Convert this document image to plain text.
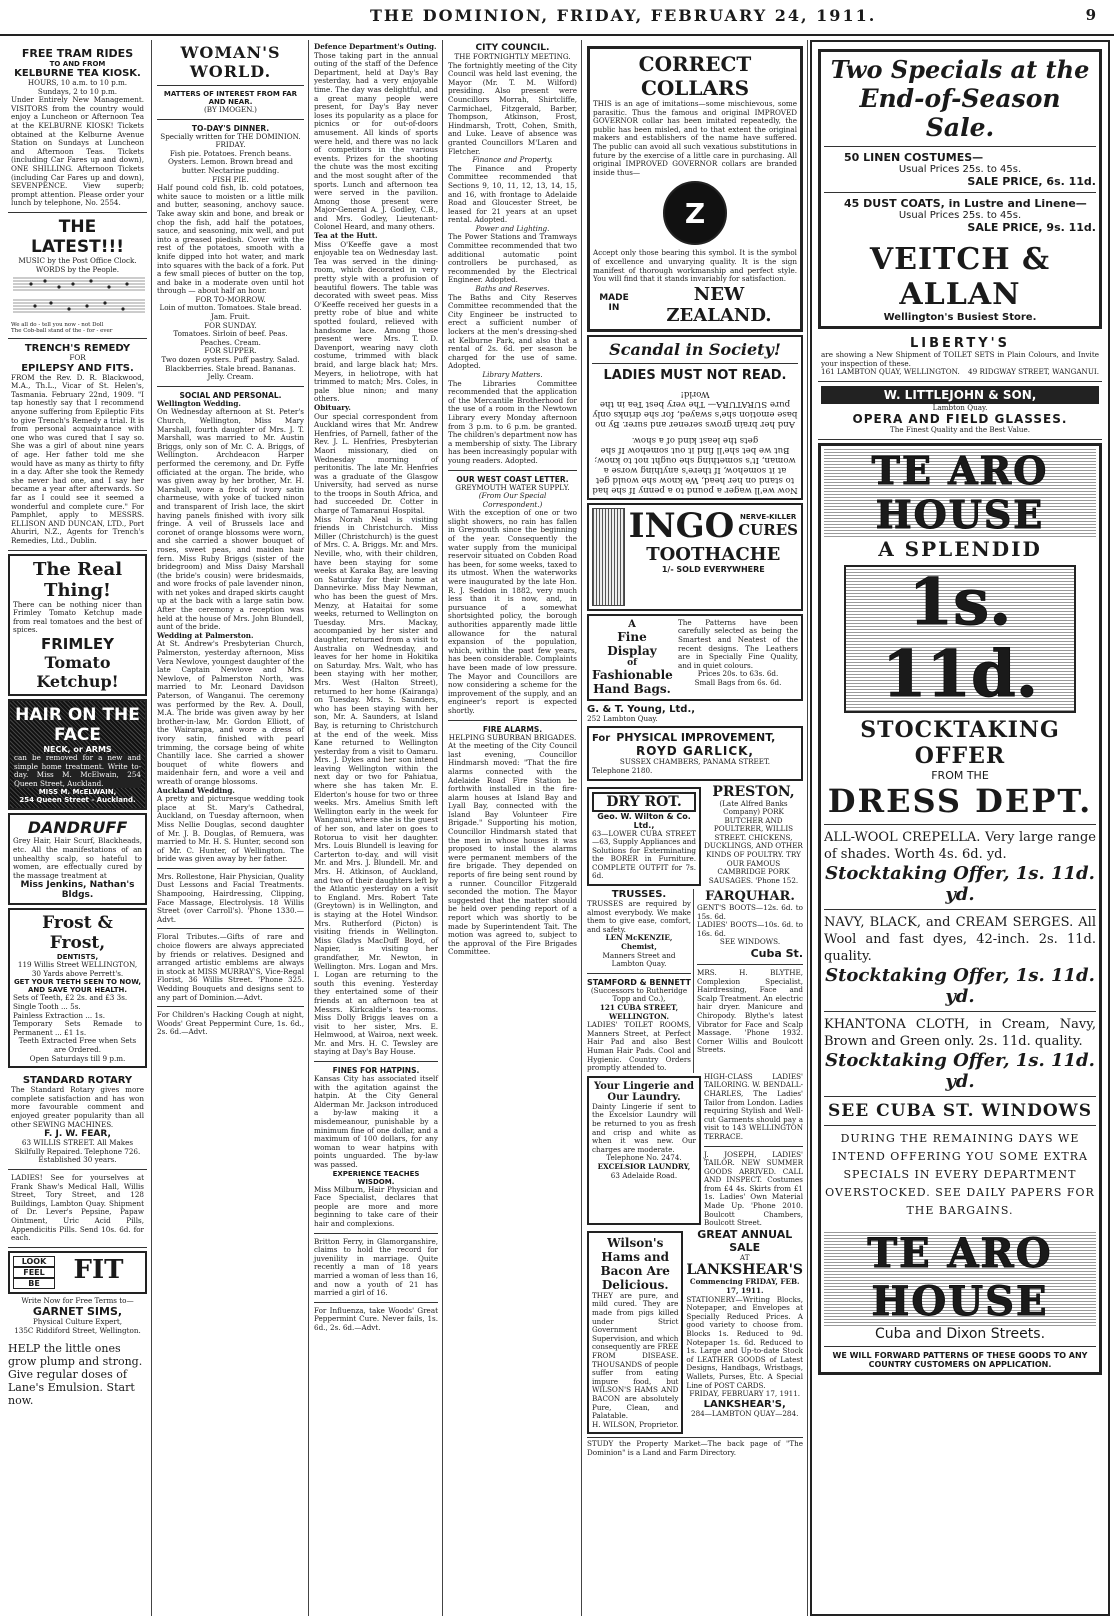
THE DOMINION, FRIDAY, FEBRUARY 24, 1911.	9
FREE TRAM RIDES
TO AND FROM
KELBURNE TEA KIOSK.
HOURS, 10 a.m. to 10 p.m. Sundays, 2 to 10 p.m.
Under Entirely New Management. VISITORS from the country would enjoy a Luncheon or Afternoon Tea at the KELBURNE KIOSK! Tickets obtained at the Kelburne Avenue Station on Sundays at Luncheon and Afternoon Teas. Tickets (including Car Fares up and down), ONE SHILLING. Afternoon Tickets (including Car Fares up and down), SEVENPENCE. View superb; prompt attention. Please order your lunch by telephone, No. 2554.
THE LATEST!!!
MUSIC by the Post Office Clock.
WORDS by the People.
We all do - tell you now - not Doll
The Cob-ball stand of the - for - ever
TRENCH'S REMEDY
FOR
EPILEPSY AND FITS.
FROM the Rev. D. R. Blackwood, M.A., Th.L., Vicar of St. Helen's, Tasmania. February 22nd, 1909. "I tap honestly say that I recommend anyone suffering from Epileptic Fits to give Trench's Remedy a trial. It is from personal acquaintance with one who was cured that I say so. She was a girl of about nine years of age. Her father told me she would have as many as thirty to fifty in a day. After she took the Remedy she never had one, and I say her became a year after afterwards. So far as I could see it seemed a wonderful and complete cure." For Pamphlet, apply to MESSRS. ELLISON AND DUNCAN, LTD., Port Ahuriri, N.Z., Agents for Trench's Remedies, Ltd., Dublin.
The Real Thing!
There can be nothing nicer than Frimley Tomato Ketchup made from real tomatoes and the best of spices.
FRIMLEY
Tomato Ketchup!
HAIR ON THE FACE
NECK, or ARMS
can be removed for a new and simple home treatment. Write to-day. Miss M. McElwain, 254 Queen Street, Auckland.
MISS M. McELWAIN,
254 Queen Street - Auckland.
DANDRUFF
Grey Hair, Hair Scurf, Blackheads, etc. All the manifestations of an unhealthy scalp, so hateful to women, are effectually cured by the massage treatment at
Miss Jenkins, Nathan's Bldgs.
Frost & Frost,
DENTISTS,
119 Willis Street WELLINGTON, 30 Yards above Perrett's.
GET YOUR TEETH SEEN TO NOW, AND SAVE YOUR HEALTH.
Sets of Teeth, £2 2s. and £3 3s.
Single Tooth ... 5s.
Painless Extraction ... 1s.
Temporary Sets Remade to Permanent ... £1 1s.
Teeth Extracted Free when Sets are Ordered.
Open Saturdays till 9 p.m.
STANDARD ROTARY
The Standard Rotary gives more complete satisfaction and has won more favourable comment and enjoyed greater popularity than all other SEWING MACHINES.
F. J. W. FEAR,
63 WILLIS STREET. All Makes Skilfully Repaired. Telephone 726. Established 30 years.
LADIES! See for yourselves at Frank Shaw's Medical Hall, Willis Street, Tory Street, and 128 Buildings, Lambton Quay. Shipment of Dr. Lever's Pepsine, Papaw Ointment, Uric Acid Pills, Appendicitis Pills. Send 10s. 6d. for each.
LOOK
FEEL
BE	FIT
Write Now for Free Terms to—
GARNET SIMS,
Physical Culture Expert,
135C Riddiford Street, Wellington.
HELP the little ones grow plump and strong. Give regular doses of Lane's Emulsion. Start now.
WOMAN'S WORLD.
MATTERS OF INTEREST FROM FAR AND NEAR.
(BY IMOGEN.)
TO-DAY'S DINNER.
Specially written for THE DOMINION.
FRIDAY.
Fish pie. Potatoes. French beans. Oysters. Lemon. Brown bread and butter. Nectarine pudding.
FISH PIE.
Half pound cold fish, lb. cold potatoes, white sauce to moisten or a little milk and butter, seasoning, anchovy sauce. Take away skin and bone, and break or chop the fish, add half the potatoes, sauce, and seasoning, mix well, and put into a greased piedish. Cover with the rest of the potatoes, smooth with a knife dipped into hot water, and mark into squares with the back of a fork. Put a few small pieces of butter on the top, and bake in a moderate oven until hot through — about half an hour.
FOR TO-MORROW.
Loin of mutton. Tomatoes. Stale bread. Jam. Fruit.
FOR SUNDAY.
Tomatoes. Sirloin of beef. Peas. Peaches. Cream.
FOR SUPPER.
Two dozen oysters. Puff pastry. Salad. Blackberries. Stale bread. Bananas. Jelly. Cream.
SOCIAL AND PERSONAL.
Wellington Wedding.
On Wednesday afternoon at St. Peter's Church, Wellington, Miss Mary Marshall, fourth daughter of Mrs. J. T. Marshall, was married to Mr. Austin Briggs, only son of Mr. C. A. Briggs, of Wellington. Archdeacon Harper performed the ceremony, and Dr. Fyffe officiated at the organ. The bride, who was given away by her brother, Mr. H. Marshall, wore a frock of ivory satin charmeuse, with yoke of tucked ninon and transparent of Irish lace, the skirt having panels finished with ivory silk fringe. A veil of Brussels lace and coronet of orange blossoms were worn, and she carried a shower bouquet of roses, sweet peas, and maiden hair fern. Miss Ruby Briggs (sister of the bridegroom) and Miss Daisy Marshall (the bride's cousin) were bridesmaids, and wore frocks of pale lavender ninon, with net yokes and draped skirts caught up at the back with a large satin bow. After the ceremony a reception was held at the house of Mrs. John Blundell, aunt of the bride.
Wedding at Palmerston.
At St. Andrew's Presbyterian Church, Palmerston, yesterday afternoon, Miss Vera Newlove, youngest daughter of the late Captain Newlove and Mrs. Newlove, of Palmerston North, was married to Mr. Leonard Davidson Paterson, of Wanganui. The ceremony was performed by the Rev. A. Doull, M.A. The bride was given away by her brother-in-law, Mr. Gordon Elliott, of the Wairarapa, and wore a dress of ivory satin, finished with pearl trimming, the corsage being of white Chantilly lace. She carried a shower bouquet of white flowers and maidenhair fern, and wore a veil and wreath of orange blossoms.
Auckland Wedding.
A pretty and picturesque wedding took place at St. Mary's Cathedral, Auckland, on Tuesday afternoon, when Miss Nellie Douglas, second daughter of Mr. J. B. Douglas, of Remuera, was married to Mr. H. S. Hunter, second son of Mr. C. Hunter, of Wellington. The bride was given away by her father.
Mrs. Rollestone, Hair Physician, Quality Dust Lessons and Facial Treatments. Shampooing, Hairdressing, Clipping, Face Massage, Electrolysis. 18 Willis Street (over Carroll's). 'Phone 1330.—Advt.
Floral Tributes.—Gifts of rare and choice flowers are always appreciated by friends or relatives. Designed and arranged artistic emblems are always in stock at MISS MURRAY'S, Vice-Regal Florist, 36 Willis Street. 'Phone 325. Wedding Bouquets and designs sent to any part of Dominion.—Advt.
For Children's Hacking Cough at night, Woods' Great Peppermint Cure, 1s. 6d., 2s. 6d.—Advt.
Defence Department's Outing.
Those taking part in the annual outing of the staff of the Defence Department, held at Day's Bay yesterday, had a very enjoyable time. The day was delightful, and a great many people were present, for Day's Bay never loses its popularity as a place for picnics or for out-of-doors amusement. All kinds of sports were held, and there was no lack of competitors in the various events. Prizes for the shooting the chute was the most exciting and the most sought after of the sports. Lunch and afternoon tea were served in the pavilion. Among those present were Major-General A. J. Godley, C.B., and Mrs. Godley, Lieutenant-Colonel Heard, and many others.
Tea at the Hutt.
Miss O'Keeffe gave a most enjoyable tea on Wednesday last. Tea was served in the dining-room, which decorated in very pretty style with a profusion of beautiful flowers. The table was decorated with sweet peas. Miss O'Keeffe received her guests in a pretty robe of blue and white spotted foulard, relieved with handsome lace. Among those present were Mrs. T. D. Davenport, wearing navy cloth costume, trimmed with black braid, and large black hat; Mrs. Meyers, in heliotrope, with hat trimmed to match; Mrs. Coles, in pale blue ninon; and many others.
Obituary.
Our special correspondent from Auckland wires that Mr. Andrew Henfries, of Parnell, father of the Rev. J. L. Henfries, Presbyterian Maori missionary, died on Wednesday morning of peritonitis. The late Mr. Henfries was a graduate of the Glasgow University, had served as nurse to the troops in South Africa, and had succeeded Dr. Cotter in charge of Tamaranui Hospital.
Miss Norah Neal is visiting friends in Christchurch. Miss Miller (Christchurch) is the guest of Mrs. C. A. Briggs. Mr. and Mrs. Neville, who, with their children, have been staying for some weeks at Karaka Bay, are leaving on Saturday for their home at Dannevirke. Miss May Newman, who has been the guest of Mrs. Menzy, at Hataitai for some weeks, returned to Wellington on Tuesday. Mrs. Mackay, accompanied by her sister and daughter, returned from a visit to Australia on Wednesday, and leaves for her home in Hokitika on Saturday. Mrs. Walt, who has been staying with her mother, Mrs. West (Halton Street), returned to her home (Kairanga) on Tuesday. Mrs. S. Saunders, who has been staying with her son, Mr. A. Saunders, at Island Bay, is returning to Christchurch at the end of the week. Miss Kane returned to Wellington yesterday from a visit to Oamaru. Mrs. J. Dykes and her son intend leaving Wellington within the next day or two for Pahiatua, where she has taken Mr. E. Elderton's house for two or three weeks. Mrs. Amelius Smith left Wellington early in the week for Wanganui, where she is the guest of her son, and later on goes to Rotorua to visit her daughter. Mrs. Louis Blundell is leaving for Carterton to-day, and will visit Mr. and Mrs. J. Blundell. Mr. and Mrs. H. Atkinson, of Auckland, and two of their daughters left by the Atlantic yesterday on a visit to England. Mrs. Robert Tate (Greytown) is in Wellington, and is staying at the Hotel Windsor. Mrs. Rutherford (Picton) is visiting friends in Wellington. Miss Gladys MacDuff Boyd, of Napier, is visiting her grandfather, Mr. Newton, in Wellington. Mrs. Logan and Mrs. I. Logan are returning to the south this evening. Yesterday they entertained some of their friends at an afternoon tea at Messrs. Kirkcaldie's tea-rooms. Miss Dolly Briggs leaves on a visit to her sister, Mrs. E. Helmwood, at Wairoa, next week. Mr. and Mrs. H. C. Tewsley are staying at Day's Bay House.
FINES FOR HATPINS.
Kansas City has associated itself with the agitation against the hatpin. At the City General Alderman Mr. Jackson introduced a by-law making it a misdemeanour, punishable by a minimum fine of one dollar, and a maximum of 100 dollars, for any woman to wear hatpins with points unguarded. The by-law was passed.
EXPERIENCE TEACHES WISDOM.
Miss Milburn, Hair Physician and Face Specialist, declares that people are more and more beginning to take care of their hair and complexions.
Britton Ferry, in Glamorganshire, claims to hold the record for juvenility in marriage. Quite recently a man of 18 years married a woman of less than 16, and now a youth of 21 has married a girl of 16.
For Influenza, take Woods' Great Peppermint Cure. Never fails, 1s. 6d., 2s. 6d.—Advt.
CITY COUNCIL.
THE FORTNIGHTLY MEETING.
The fortnightly meeting of the City Council was held last evening, the Mayor (Mr. T. M. Wilford) presiding. Also present were Councillors Morrah, Shirtcliffe, Carmichael, Fitzgerald, Barber, Thompson, Atkinson, Frost, Hindmarsh, Trott, Cohen, Smith, and Luke. Leave of absence was granted Councillors M'Laren and Fletcher.
Finance and Property.
The Finance and Property Committee recommended that Sections 9, 10, 11, 12, 13, 14, 15, and 16, with frontage to Adelaide Road and Gloucester Street, be leased for 21 years at an upset rental. Adopted.
Power and Lighting.
The Power Stations and Tramways Committee recommended that two additional automatic point controllers be purchased, as recommended by the Electrical Engineer. Adopted.
Baths and Reserves.
The Baths and City Reserves Committee recommended that the City Engineer be instructed to erect a sufficient number of lockers at the men's dressing-shed at Kelburne Park, and also that a rental of 2s. 6d. per season be charged for the use of same. Adopted.
Library Matters.
The Libraries Committee recommended that the application of the Mercantile Brotherhood for the use of a room in the Newtown Library every Monday afternoon from 3 p.m. to 6 p.m. be granted. The children's department now has a membership of sixty. The Library has been increasingly popular with young readers. Adopted.
OUR WEST COAST LETTER.
GREYMOUTH WATER SUPPLY.
(From Our Special Correspondent.)
With the exception of one or two slight showers, no rain has fallen in Greymouth since the beginning of the year. Consequently the water supply from the municipal reservoir situated on Cobden Road has been, for some weeks, taxed to its utmost. When the waterworks were inaugurated by the late Hon. R. J. Seddon in 1882, very much less than it is now, and, in pursuance of a somewhat shortsighted policy, the borough authorities apparently made little allowance for the natural expansion of the population, which, within the past few years, has been considerable. Complaints have been made of low pressure. The Mayor and Councillors are now considering a scheme for the improvement of the supply, and an engineer's report is expected shortly.
FIRE ALARMS.
HELPING SUBURBAN BRIGADES.
At the meeting of the City Council last evening, Councillor Hindmarsh moved: "That the fire alarms connected with the Adelaide Road Fire Station be forthwith installed in the fire-alarm houses at Island Bay and Lyall Bay, connected with the Island Bay Volunteer Fire Brigade." Supporting his motion, Councillor Hindmarsh stated that the men in whose houses it was proposed to install the alarms were permanent members of the fire brigade. They depended on reports of fire being sent round by a runner. Councillor Fitzgerald seconded the motion. The Mayor suggested that the matter should be held over pending report of a report which was shortly to be made by Superintendent Tait. The motion was agreed to, subject to the approval of the Fire Brigades Committee.
CORRECT COLLARS
THIS is an age of imitations—some mischievous, some parasitic. Thus the famous and original IMPROVED GOVERNOR collar has been imitated repeatedly, the public has been misled, and to that extent the original makers and establishers of the name have suffered. The public can avoid all such vexatious substitutions in future by the exercise of a little care in purchasing. All original IMPROVED GOVERNOR collars are branded inside thus—
Z
Accept only those bearing this symbol. It is the symbol of excellence and unvarying quality. It is the sign manifest of thorough workmanship and perfect style. You will find that it stands invariably for satisfaction.
MADE IN
NEW ZEALAND.
Scandal in Society!
LADIES MUST NOT READ.
And her brain grows serener and surer. By no base emotion she's swayed, for she drinks only pure SURATURA— The very best Tea in the World!
Now we'll wager a pound to a penny If she had to stand on her head, We know she would get at it somehow, If there's anything worse a woman, It's something she ought not to know; But we bet she'll find it out somehow If she gets the least kind of a show.
INGO NERVE-KILLER
CURES
TOOTHACHE
1/- SOLD EVERYWHERE
A
Fine Display
of
Fashionable
Hand Bags.
The Patterns have been carefully selected as being the Smartest and Neatest of the recent designs. The Leathers are in Specially Fine Quality, and in quiet colours.
Prices 20s. to 63s. 6d.
Small Bags from 6s. 6d.
G. & T. Young, Ltd.,
252 Lambton Quay.
For PHYSICAL IMPROVEMENT,
ROYD GARLICK,
SUSSEX CHAMBERS, PANAMA STREET.
Telephone 2180.
DRY ROT.
Geo. W. Wilton & Co. Ltd.,
63—LOWER CUBA STREET—63, Supply Appliances and Solutions for Exterminating the BORER in Furniture. COMPLETE OUTFIT for 7s. 6d.
PRESTON,
(Late Alfred Banks Company) PORK BUTCHER AND POULTERER, WILLIS STREET. CHICKENS, DUCKLINGS, AND OTHER KINDS OF POULTRY. TRY OUR FAMOUS CAMBRIDGE PORK SAUSAGES. 'Phone 152.
TRUSSES.
TRUSSES are required by almost everybody. We make them to give ease, comfort, and safety.
LEN McKENZIE, Chemist,
Manners Street and Lambton Quay.
STAMFORD & BENNETT
(Successors to Rutheridge Topp and Co.),
121 CUBA STREET, WELLINGTON.
LADIES' TOILET ROOMS, Manners Street, at Perfect Hair Pad and also Best Human Hair Pads. Cool and Hygienic. Country Orders promptly attended to.
FARQUHAR.
GENT'S BOOTS—12s. 6d. to 15s. 6d.
LADIES' BOOTS—10s. 6d. to 16s. 6d.
SEE WINDOWS.
Cuba St.
MRS. H. BLYTHE, Complexion Specialist, Hairdressing, Face and Scalp Treatment. An electric hair dryer. Manicure and Chiropody. Blythe's latest Vibrator for Face and Scalp Massage. 'Phone 1932. Corner Willis and Boulcott Streets.
Your Lingerie and Our Laundry.
Dainty Lingerie if sent to the Excelsior Laundry will be returned to you as fresh and crisp and white as when it was new. Our charges are moderate.
Telephone No. 2474.
EXCELSIOR LAUNDRY,
63 Adelaide Road.
HIGH-CLASS LADIES' TAILORING. W. BENDALL-CHARLES, The Ladies' Tailor from London. Ladies requiring Stylish and Well-cut Garments should pay a visit to 143 WELLINGTON TERRACE.
J. JOSEPH, LADIES' TAILOR. NEW SUMMER GOODS ARRIVED. CALL AND INSPECT. Costumes from £4 4s. Skirts from £1 1s. Ladies' Own Material Made Up. 'Phone 2010. Boulcott Chambers, Boulcott Street.
Wilson's Hams and Bacon Are Delicious.
THEY are pure, and mild cured. They are made from pigs killed under Strict Government Supervision, and which consequently are FREE FROM DISEASE. THOUSANDS of people suffer from eating impure food, but WILSON'S HAMS AND BACON are absolutely Pure, Clean, and Palatable.
H. WILSON, Proprietor.
GREAT ANNUAL SALE
AT
LANKSHEAR'S
Commencing FRIDAY, FEB. 17, 1911.
STATIONERY—Writing Blocks, Notepaper, and Envelopes at Specially Reduced Prices. A good variety to choose from. Blocks 1s. Reduced to 9d. Notepaper 1s. 6d. Reduced to 1s. Large and Up-to-date Stock of LEATHER GOODS of Latest Designs, Handbags, Wristbags, Wallets, Purses, Etc. A Special Line of POST CARDS.
FRIDAY, FEBRUARY 17, 1911.
LANKSHEAR'S,
284—LAMBTON QUAY—284.
STUDY the Property Market—The back page of "The Dominion" is a Land and Farm Directory.
Two Specials at the
End-of-Season Sale.
50 LINEN COSTUMES—
Usual Prices 25s. to 45s.
SALE PRICE, 6s. 11d.
45 DUST COATS, in Lustre and Linene—
Usual Prices 25s. to 45s.
SALE PRICE, 9s. 11d.
VEITCH & ALLAN
Wellington's Busiest Store.
LIBERTY'S
are showing a New Shipment of TOILET SETS in Plain Colours, and Invite your inspection of these.
161 LAMBTON QUAY, WELLINGTON. 49 RIDGWAY STREET, WANGANUI.
W. LITTLEJOHN & SON,
Lambton Quay.
OPERA AND FIELD GLASSES.
The Finest Quality and the Best Value.
TE ARO HOUSE
A SPLENDID
1s. 11d.
STOCKTAKING OFFER
FROM THE
DRESS DEPT.
ALL-WOOL CREPELLA. Very large range of shades. Worth 4s. 6d. yd.
Stocktaking Offer, 1s. 11d. yd.
NAVY, BLACK, and CREAM SERGES. All Wool and fast dyes, 42-inch. 2s. 11d. quality.
Stocktaking Offer, 1s. 11d. yd.
KHANTONA CLOTH, in Cream, Navy, Brown and Green only. 2s. 11d. quality.
Stocktaking Offer, 1s. 11d. yd.
SEE CUBA ST. WINDOWS
DURING THE REMAINING DAYS WE INTEND OFFERING YOU SOME EXTRA SPECIALS IN EVERY DEPARTMENT OVERSTOCKED. SEE DAILY PAPERS FOR THE BARGAINS.
TE ARO HOUSE
Cuba and Dixon Streets.
WE WILL FORWARD PATTERNS OF THESE GOODS TO ANY COUNTRY CUSTOMERS ON APPLICATION.
